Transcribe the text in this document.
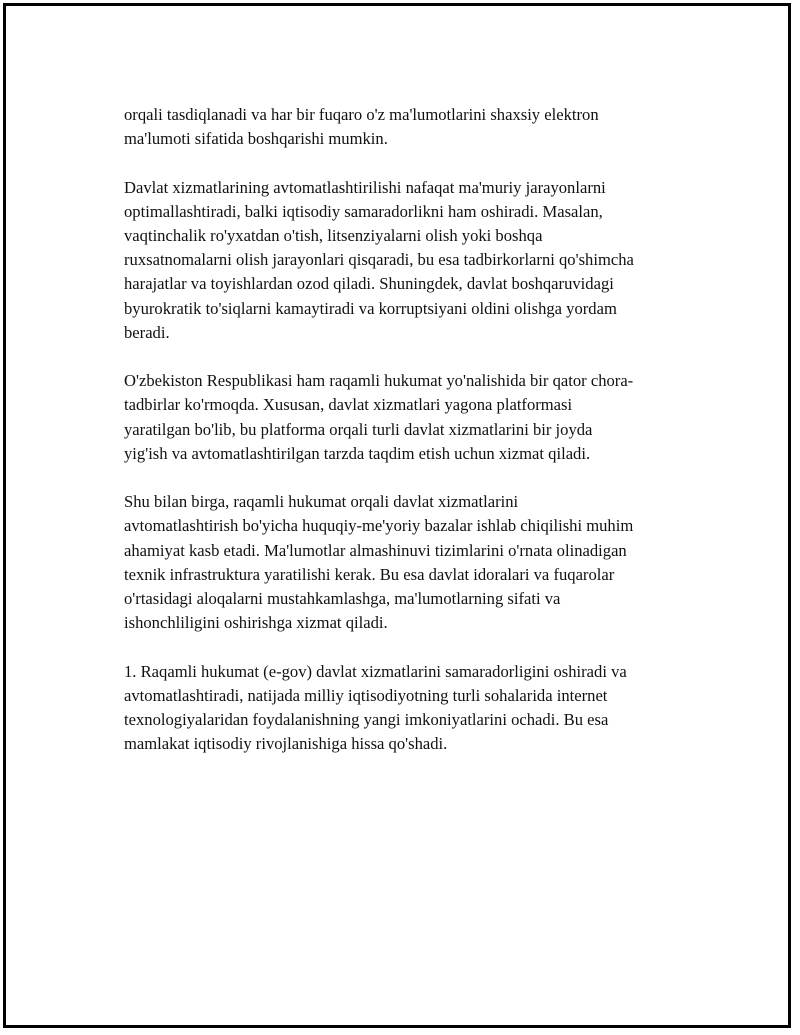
orqali tasdiqlanadi va har bir fuqaro o'z ma'lumotlarini shaxsiy elektron
ma'lumoti sifatida boshqarishi mumkin.

Davlat xizmatlarining avtomatlashtirilishi nafaqat ma'muriy jarayonlarni
optimallashtiradi, balki iqtisodiy samaradorlikni ham oshiradi. Masalan,
vaqtinchalik ro'yxatdan o'tish, litsenziyalarni olish yoki boshqa
ruxsatnomalarni olish jarayonlari qisqaradi, bu esa tadbirkorlarni qo'shimcha
harajatlar va toyishlardan ozod qiladi. Shuningdek, davlat boshqaruvidagi
byurokratik to'siqlarni kamaytiradi va korruptsiyani oldini olishga yordam
beradi.

O'zbekiston Respublikasi ham raqamli hukumat yo'nalishida bir qator chora-
tadbirlar ko'rmoqda. Xususan, davlat xizmatlari yagona platformasi
yaratilgan bo'lib, bu platforma orqali turli davlat xizmatlarini bir joyda
yig'ish va avtomatlashtirilgan tarzda taqdim etish uchun xizmat qiladi.

Shu bilan birga, raqamli hukumat orqali davlat xizmatlarini
avtomatlashtirish bo'yicha huquqiy-me'yoriy bazalar ishlab chiqilishi muhim
ahamiyat kasb etadi. Ma'lumotlar almashinuvi tizimlarini o'rnata olinadigan
texnik infrastruktura yaratilishi kerak. Bu esa davlat idoralari va fuqarolar
o'rtasidagi aloqalarni mustahkamlashga, ma'lumotlarning sifati va
ishonchliligini oshirishga xizmat qiladi.

1. Raqamli hukumat (e-gov) davlat xizmatlarini samaradorligini oshiradi va
avtomatlashtiradi, natijada milliy iqtisodiyotning turli sohalarida internet
texnologiyalaridan foydalanishning yangi imkoniyatlarini ochadi. Bu esa
mamlakat iqtisodiy rivojlanishiga hissa qo'shadi.
